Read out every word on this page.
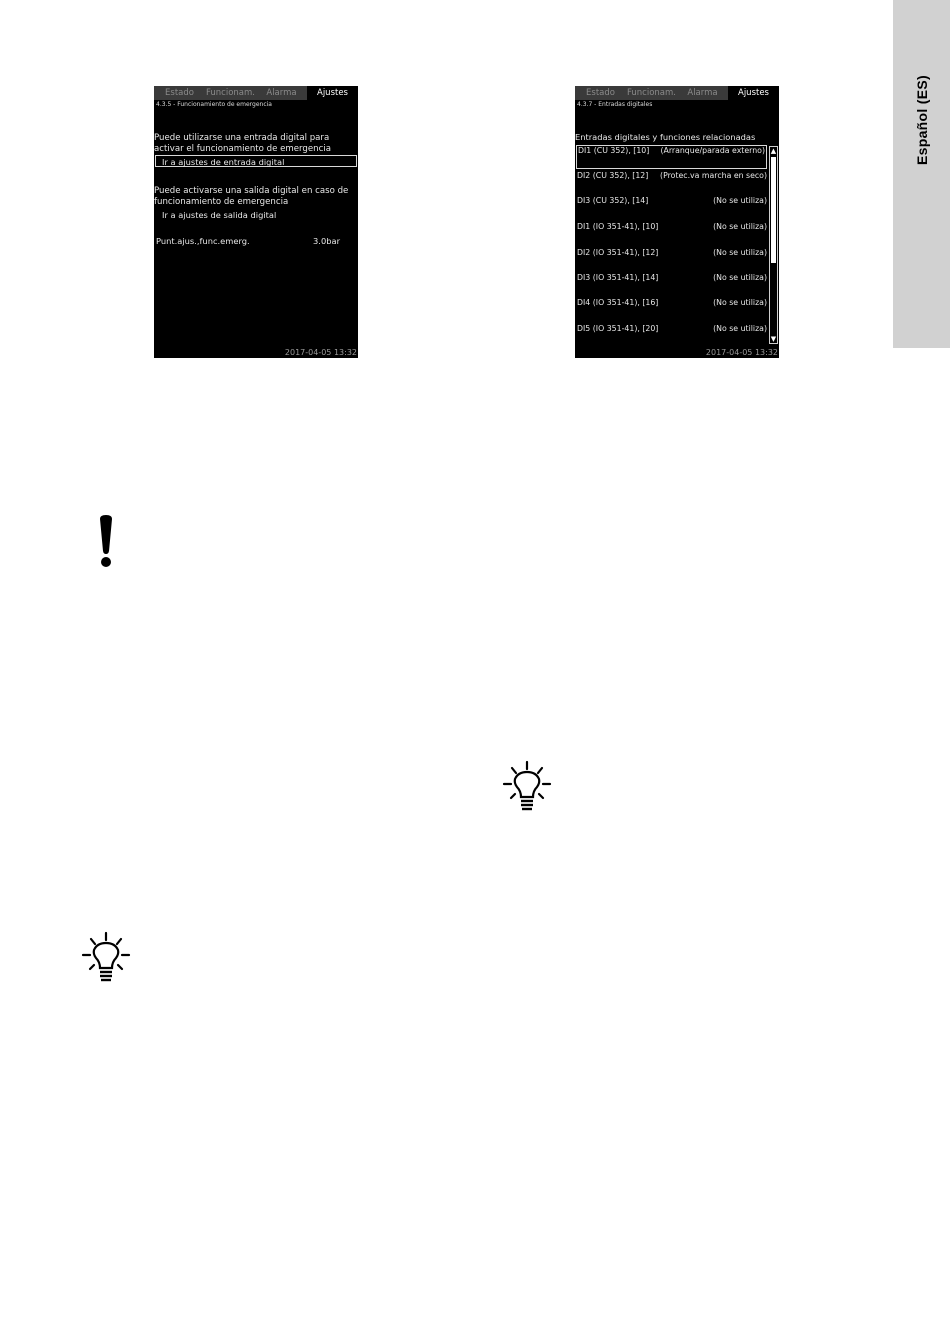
Español (ES)
Estado	Funcionam.	Alarma	Ajustes
4.3.5 - Funcionamiento de emergencia
Puede utilizarse una entrada digital para activar el funcionamiento de emergencia
Ir a ajustes de entrada digital
Puede activarse una salida digital en caso de funcionamiento de emergencia
Ir a ajustes de salida digital
Punt.ajus.,func.emerg.	3.0bar
2017-04-05 13:32
Estado	Funcionam.	Alarma	Ajustes
4.3.7 - Entradas digitales
Entradas digitales y funciones relacionadas
DI1 (CU 352), [10] (Arranque/parada externo)
DI2 (CU 352), [12] (Protec.va marcha en seco)
DI3 (CU 352), [14]	(No se utiliza)
DI1 (IO 351-41), [10]	(No se utiliza)
DI2 (IO 351-41), [12]	(No se utiliza)
DI3 (IO 351-41), [14]	(No se utiliza)
DI4 (IO 351-41), [16]	(No se utiliza)
DI5 (IO 351-41), [20]	(No se utiliza)
▲
▼
2017-04-05 13:32
